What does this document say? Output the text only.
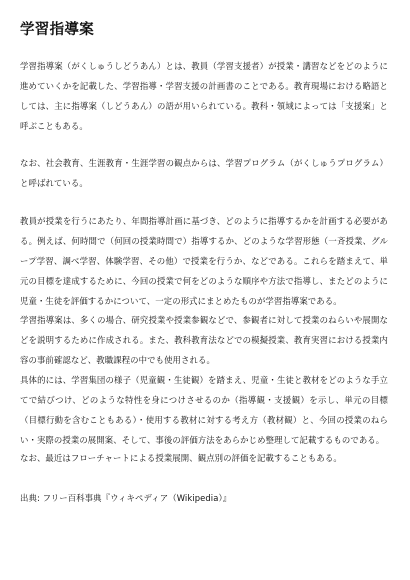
学習指導案

学習指導案（がくしゅうしどうあん）とは、教員（学習支援者）が授業・講習などをどのように進めていくかを記載した、学習指導・学習支援の計画書のことである。教育現場における略語としては、主に指導案（しどうあん）の語が用いられている。教科・領域によっては「支援案」と呼ぶこともある。

なお、社会教育、生涯教育・生涯学習の観点からは、学習プログラム（がくしゅうプログラム）と呼ばれている。

教員が授業を行うにあたり、年間指導計画に基づき、どのように指導するかを計画する必要がある。例えば、何時間で（何回の授業時間で）指導するか、どのような学習形態（一斉授業、グループ学習、調べ学習、体験学習、その他）で授業を行うか、などである。これらを踏まえて、単元の目標を達成するために、今回の授業で何をどのような順序や方法で指導し、またどのように児童・生徒を評価するかについて、一定の形式にまとめたものが学習指導案である。

学習指導案は、多くの場合、研究授業や授業参観などで、参観者に対して授業のねらいや展開などを説明するために作成される。また、教科教育法などでの模擬授業、教育実習における授業内容の事前確認など、教職課程の中でも使用される。

具体的には、学習集団の様子（児童観・生徒観）を踏まえ、児童・生徒と教材をどのような手立てで結びつけ、どのような特性を身につけさせるのか（指導観・支援観）を示し、単元の目標（目標行動を含むこともある）・使用する教材に対する考え方（教材観）と、今回の授業のねらい・実際の授業の展開案、そして、事後の評価方法をあらかじめ整理して記載するものである。

なお、最近はフローチャートによる授業展開、観点別の評価を記載することもある。

出典: フリー百科事典『ウィキペディア（Wikipedia）』
